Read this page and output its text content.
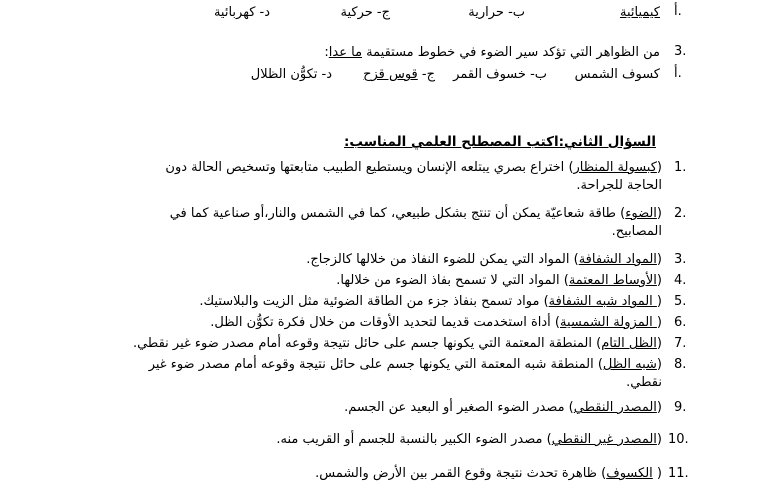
أ.
كيميائية
ب- حرارية
ج- حركية
د- كهربائية
3.
من الظواهر التي تؤكد سير الضوء في خطوط مستقيمة ما عدا:
أ.
كسوف الشمس
ب- خسوف القمر
ج- قوس قزح
د- تكوُّن الظلال
السؤال الثاني:اكتب المصطلح العلمي المناسب:
1.
(كبسولة المنظار) اختراع بصري يبتلعه الإنسان ويستطيع الطبيب متابعتها وتسخيص الحالة دون
الحاجة للجراحة.
2.
(الضوء) طاقة شعاعيّة يمكن أن تنتج بشكل طبيعي، كما في الشمس والنار،أو صناعية كما في
المصابيح.
3.
(المواد الشفافة) المواد التي يمكن للضوء النفاذ من خلالها كالزجاج.
4.
(الأوساط المعتمة) المواد التي لا تسمح بفاذ الضوء من خلالها.
5.
( المواد شبه الشفافة) مواد تسمح بنفاذ جزء من الطاقة الضوئية مثل الزيت والبلاستيك.
6.
( المزولة الشمسية) أداة استخدمت قديما لتحديد الأوقات من خلال فكرة تكوُّن الظل.
7.
(الظل التام) المنطقة المعتمة التي يكونها جسم على حائل نتيجة وقوعه أمام مصدر ضوء غير نقطي.
8.
(شبه الظل) المنطقة شبه المعتمة التي يكونها جسم على حائل نتيجة وقوعه أمام مصدر ضوء غير
نقطي.
9.
(المصدر النقطي) مصدر الضوء الصغير أو البعيد عن الجسم.
10.
(المصدر غير النقطي) مصدر الضوء الكبير بالنسبة للجسم أو القريب منه.
11.
( الكسوف) ظاهرة تحدث نتيجة وقوع القمر بين الأرض والشمس.
